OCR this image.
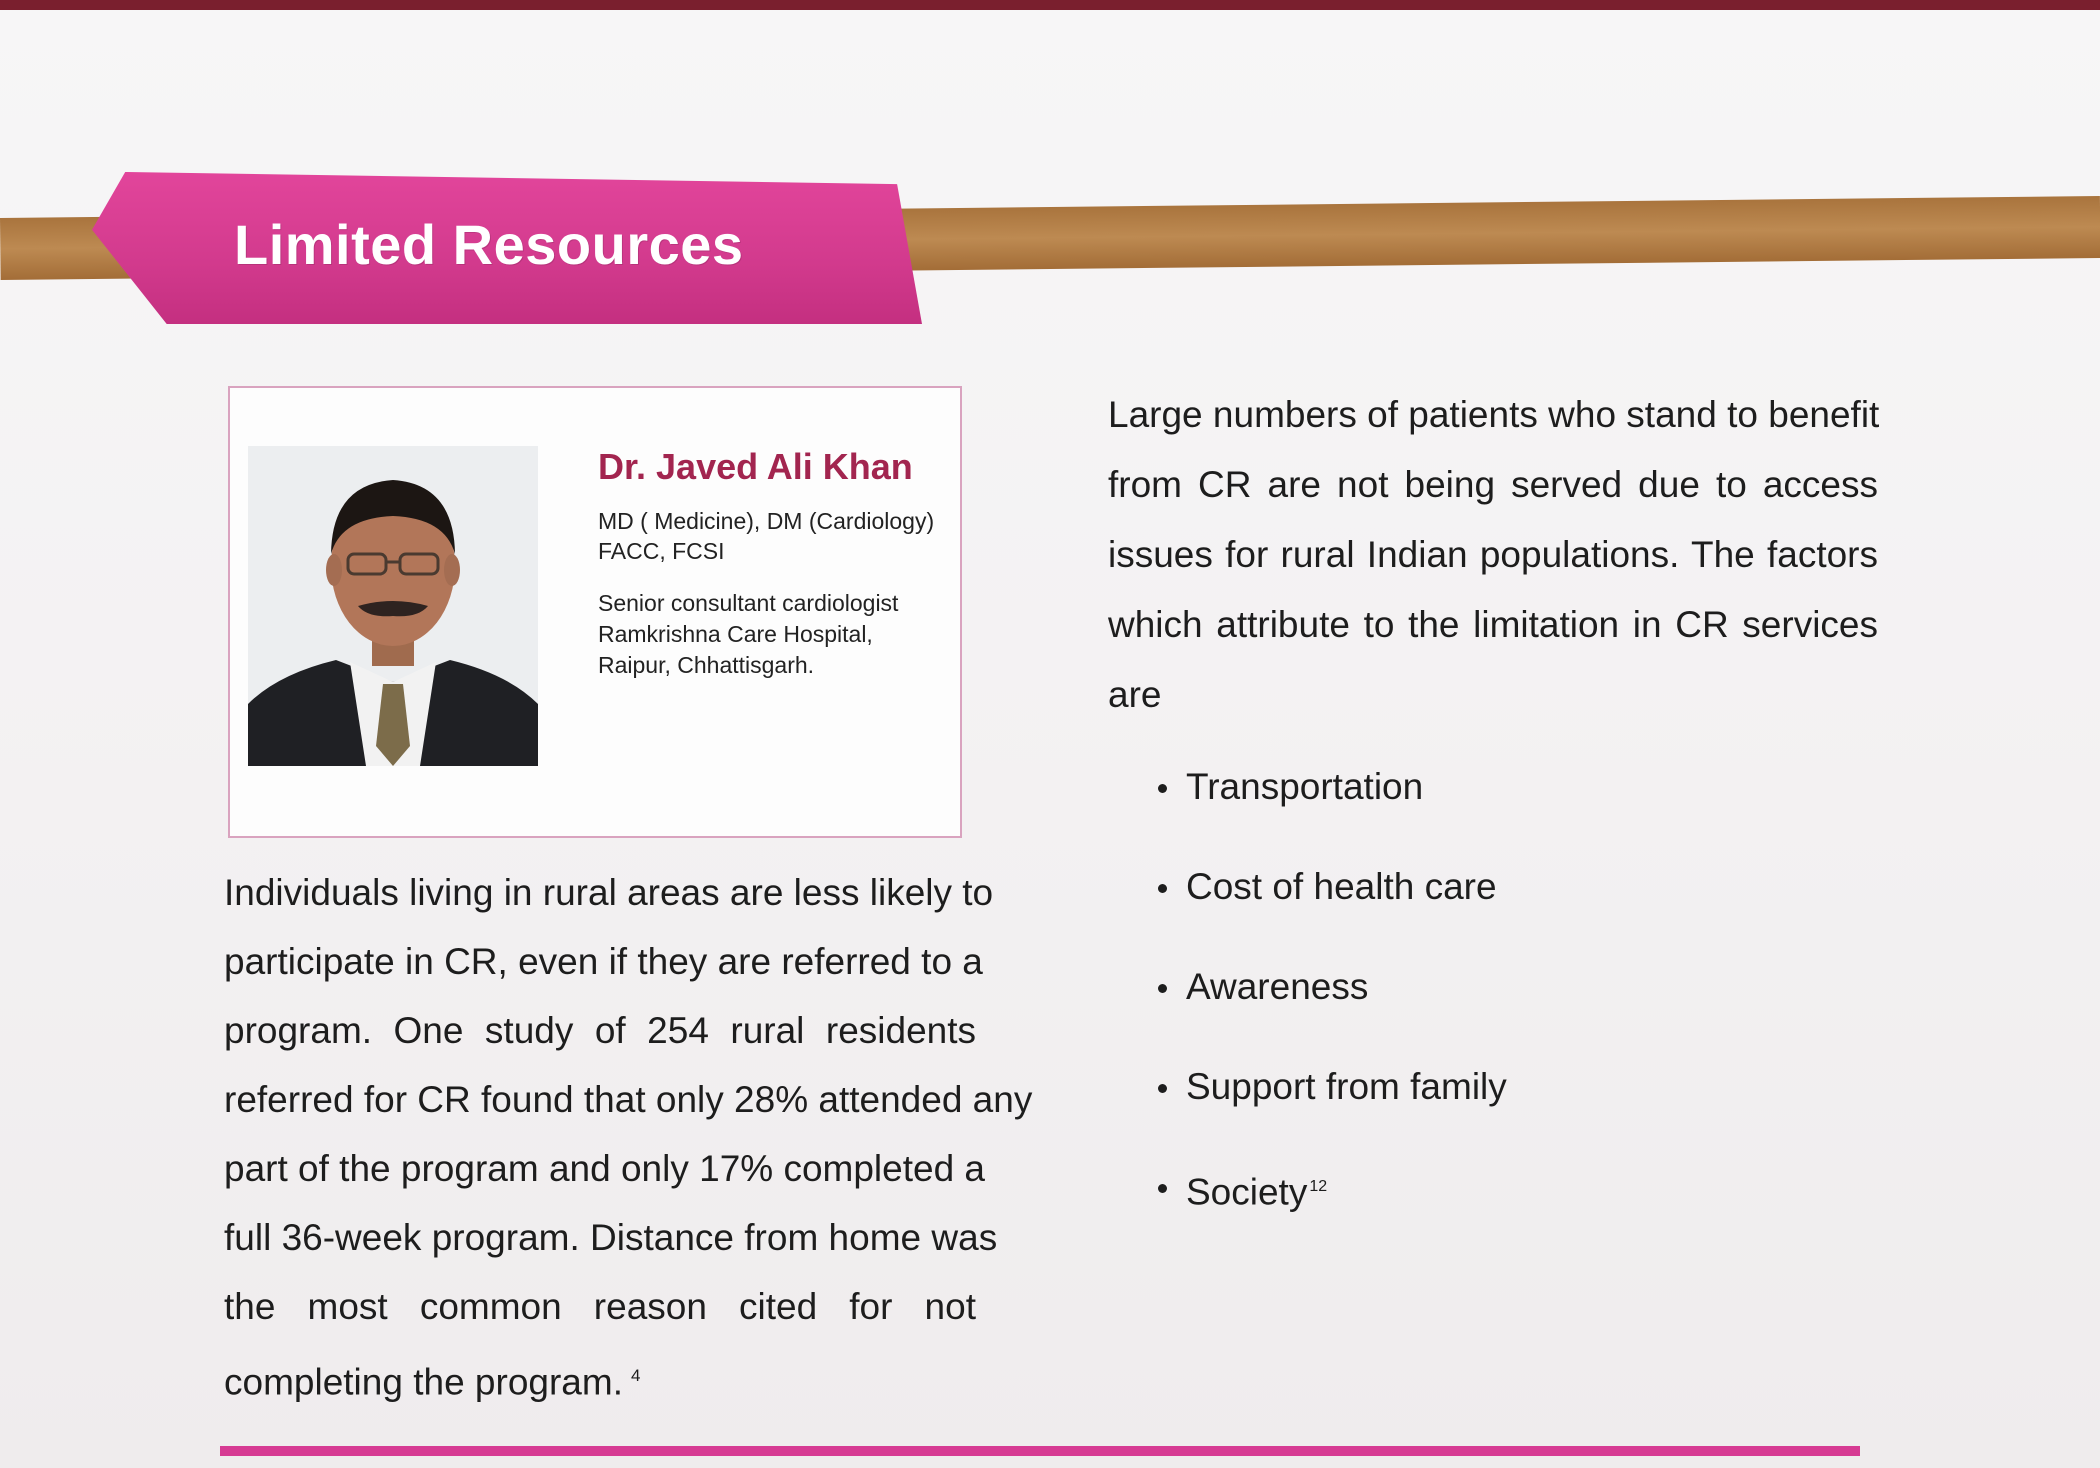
Limited Resources
Dr. Javed Ali Khan
MD ( Medicine), DM (Cardiology)
FACC, FCSI
Senior consultant cardiologist
Ramkrishna Care Hospital,
Raipur, Chhattisgarh.
Individuals living in rural areas are less likely to
participate in CR, even if they are referred to a
program. One study of 254 rural residents
referred for CR found that only 28% attended any
part of the program and only 17% completed a
full 36-week program. Distance from home was
the most common reason cited for not
completing the program. $^4$
Large numbers of patients who stand to benefit
from CR are not being served due to access
issues for rural Indian populations. The factors
which attribute to the limitation in CR services
are
Transportation
Cost of health care
Awareness
Support from family
Society $^{12}$
